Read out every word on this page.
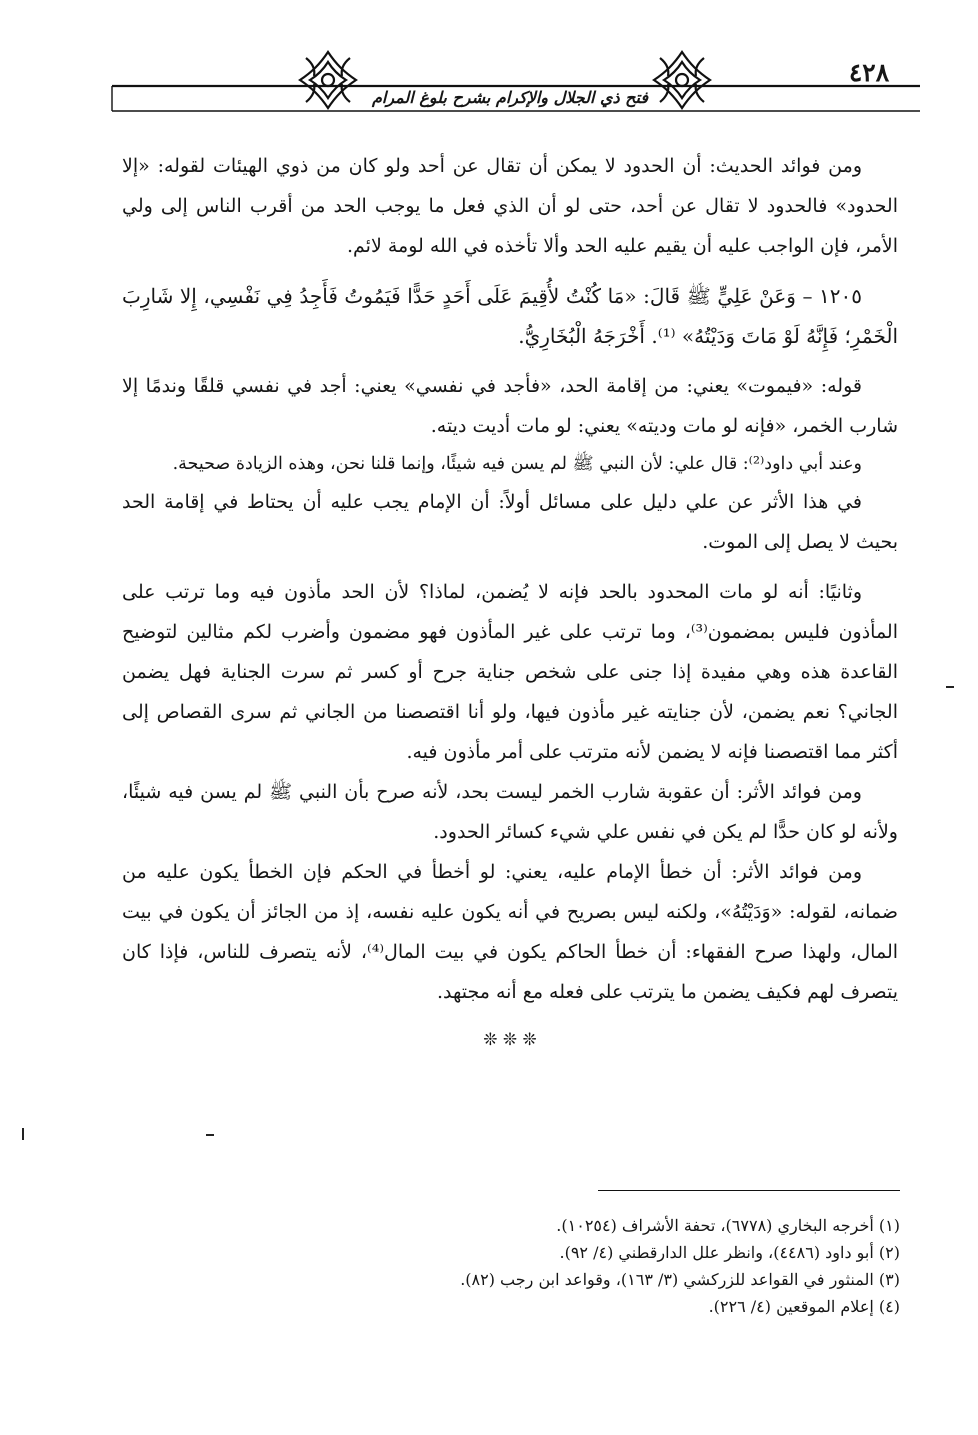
فتح ذي الجلال والإكرام بشرح بلوغ المرام
٤٢٨

ومن فوائد الحديث: أن الحدود لا يمكن أن تقال عن أحد ولو كان من ذوي الهيئات لقوله: «إلا الحدود» فالحدود لا تقال عن أحد، حتى لو أن الذي فعل ما يوجب الحد من أقرب الناس إلى ولي الأمر، فإن الواجب عليه أن يقيم عليه الحد وألا تأخذه في الله لومة لائم.

١٢٠٥ – وَعَنْ عَلِيٍّ ﷺ قَالَ: «مَا كُنْتُ لأُقِيمَ عَلَى أَحَدٍ حَدًّا فَيَمُوتُ فَأَجِدُ فِي نَفْسِي، إِلا شَارِبَ الْخَمْرِ؛ فَإِنَّهُ لَوْ مَاتَ وَدَيْتُهُ» ⁽¹⁾. أَخْرَجَهُ الْبُخَارِيُّ.

قوله: «فيموت» يعني: من إقامة الحد، «فأجد في نفسي» يعني: أجد في نفسي قلقًا وندمًا إلا شارب الخمر، «فإنه لو مات وديته» يعني: لو مات أديت ديته.

وعند أبي داود⁽²⁾: قال علي: لأن النبي ﷺ لم يسن فيه شيئًا، وإنما قلنا نحن، وهذه الزيادة صحيحة.

في هذا الأثر عن علي دليل على مسائل أولاً: أن الإمام يجب عليه أن يحتاط في إقامة الحد بحيث لا يصل إلى الموت.

وثانيًا: أنه لو مات المحدود بالحد فإنه لا يُضمن، لماذا؟ لأن الحد مأذون فيه وما ترتب على المأذون فليس بمضمون⁽³⁾، وما ترتب على غير المأذون فهو مضمون وأضرب لكم مثالين لتوضيح القاعدة هذه وهي مفيدة إذا جنى على شخص جناية جرح أو كسر ثم سرت الجناية فهل يضمن الجاني؟ نعم يضمن، لأن جنايته غير مأذون فيها، ولو أنا اقتصصنا من الجاني ثم سرى القصاص إلى أكثر مما اقتصصنا فإنه لا يضمن لأنه مترتب على أمر مأذون فيه.

ومن فوائد الأثر: أن عقوبة شارب الخمر ليست بحد، لأنه صرح بأن النبي ﷺ لم يسن فيه شيئًا، ولأنه لو كان حدًّا لم يكن في نفس علي شيء كسائر الحدود.

ومن فوائد الأثر: أن خطأ الإمام عليه، يعني: لو أخطأ في الحكم فإن الخطأ يكون عليه من ضمانه، لقوله: «وَدَيْتُهُ»، ولكنه ليس بصريح في أنه يكون عليه نفسه، إذ من الجائز أن يكون في بيت المال، ولهذا صرح الفقهاء: أن خطأ الحاكم يكون في بيت المال⁽⁴⁾، لأنه يتصرف للناس، فإذا كان يتصرف لهم فكيف يضمن ما يترتب على فعله مع أنه مجتهد.

❊ ❊ ❊

(١) أخرجه البخاري (٦٧٧٨)، تحفة الأشراف (١٠٢٥٤).
(٢) أبو داود (٤٤٨٦)، وانظر علل الدارقطني (٤/ ٩٢).
(٣) المنثور في القواعد للزركشي (٣/ ١٦٣)، وقواعد ابن رجب (٨٢).
(٤) إعلام الموقعين (٤/ ٢٢٦).
